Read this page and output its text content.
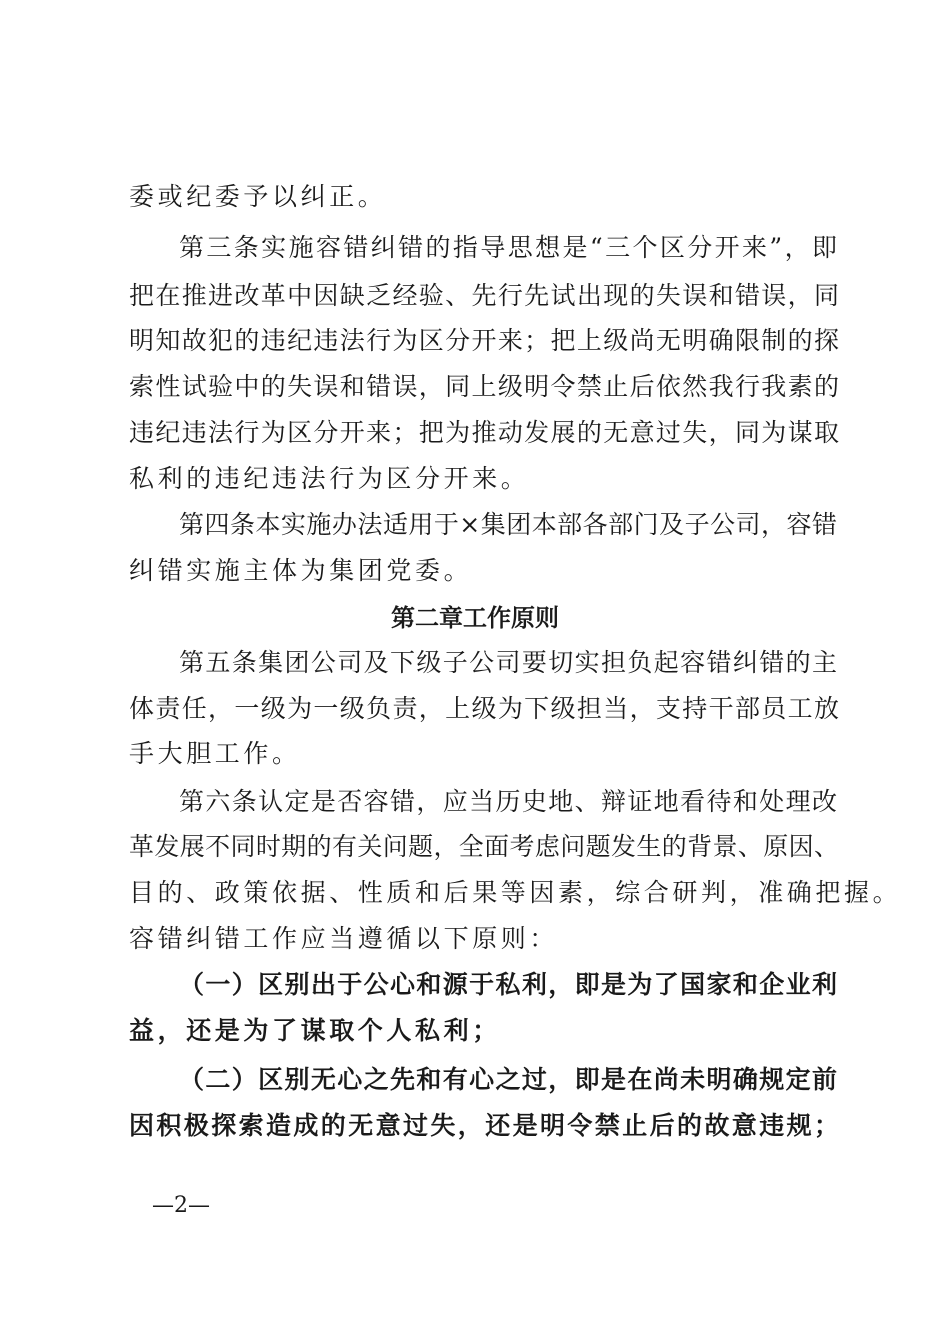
委或纪委予以纠正。
第三条实施容错纠错的指导思想是“三个区分开来”，即
把在推进改革中因缺乏经验、先行先试出现的失误和错误，同
明知故犯的违纪违法行为区分开来；把上级尚无明确限制的探
索性试验中的失误和错误，同上级明令禁止后依然我行我素的
违纪违法行为区分开来；把为推动发展的无意过失，同为谋取
私利的违纪违法行为区分开来。
第四条本实施办法适用于×集团本部各部门及子公司，容错
纠错实施主体为集团党委。
第二章工作原则
第五条集团公司及下级子公司要切实担负起容错纠错的主
体责任，一级为一级负责，上级为下级担当，支持干部员工放
手大胆工作。
第六条认定是否容错，应当历史地、辩证地看待和处理改
革发展不同时期的有关问题，全面考虑问题发生的背景、原因、
目的、政策依据、性质和后果等因素，综合研判，准确把握。
容错纠错工作应当遵循以下原则：
（一）区别出于公心和源于私利，即是为了国家和企业利
益，还是为了谋取个人私利；
（二）区别无心之先和有心之过，即是在尚未明确规定前
因积极探索造成的无意过失，还是明令禁止后的故意违规；
—2—
